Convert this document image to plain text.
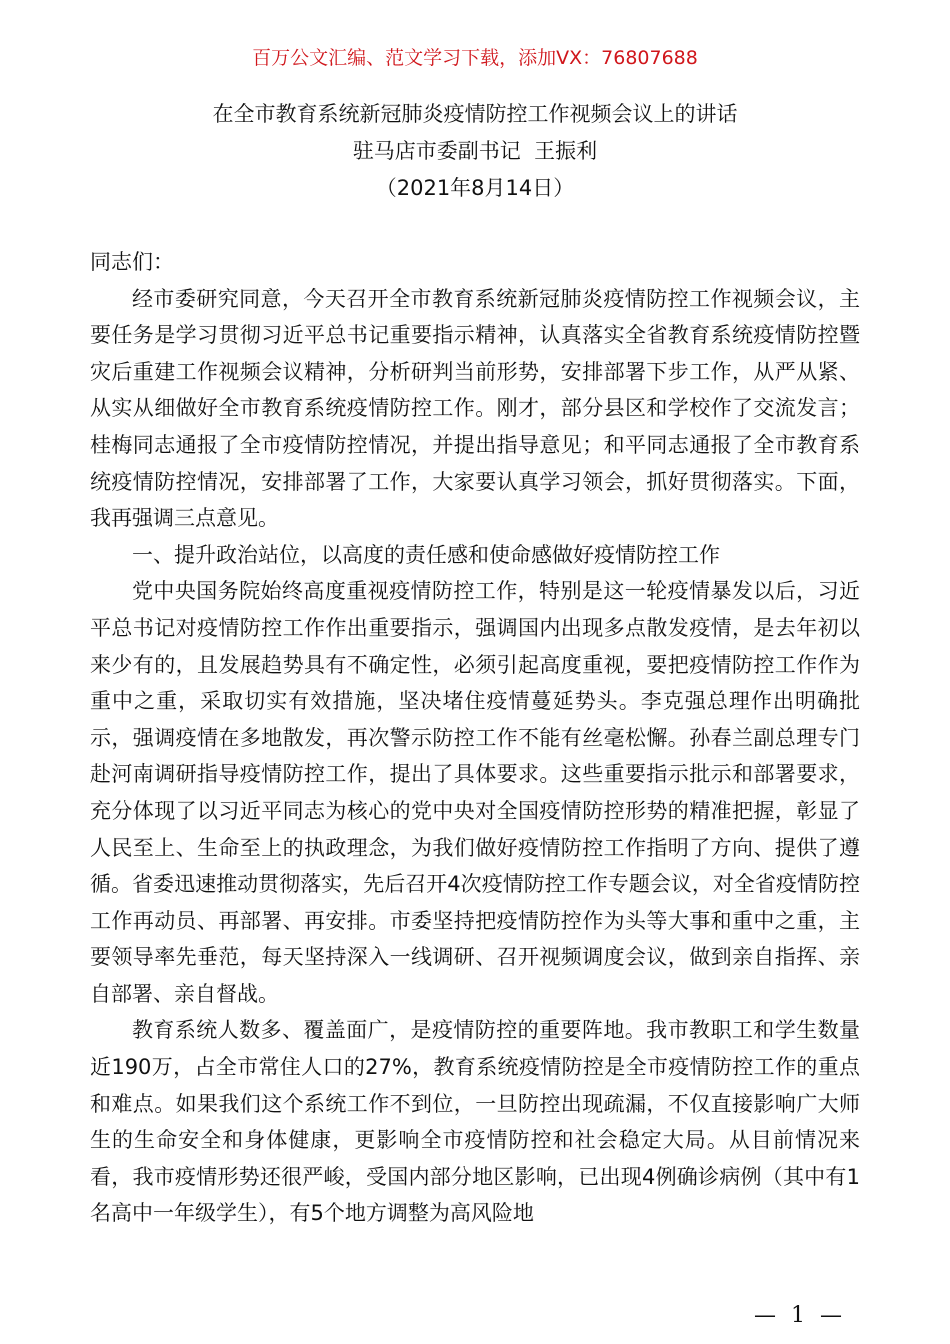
百万公文汇编、范文学习下载，添加VX：76807688
在全市教育系统新冠肺炎疫情防控工作视频会议上的讲话
驻马店市委副书记  王振利
（2021年8月14日）

同志们：

经市委研究同意，今天召开全市教育系统新冠肺炎疫情防控工作视频会议，主要任务是学习贯彻习近平总书记重要指示精神，认真落实全省教育系统疫情防控暨灾后重建工作视频会议精神，分析研判当前形势，安排部署下步工作，从严从紧、从实从细做好全市教育系统疫情防控工作。刚才，部分县区和学校作了交流发言；桂梅同志通报了全市疫情防控情况，并提出指导意见；和平同志通报了全市教育系统疫情防控情况，安排部署了工作，大家要认真学习领会，抓好贯彻落实。下面，我再强调三点意见。

一、提升政治站位，以高度的责任感和使命感做好疫情防控工作

党中央国务院始终高度重视疫情防控工作，特别是这一轮疫情暴发以后，习近平总书记对疫情防控工作作出重要指示，强调国内出现多点散发疫情，是去年初以来少有的，且发展趋势具有不确定性，必须引起高度重视，要把疫情防控工作作为重中之重，采取切实有效措施，坚决堵住疫情蔓延势头。李克强总理作出明确批示，强调疫情在多地散发，再次警示防控工作不能有丝毫松懈。孙春兰副总理专门赴河南调研指导疫情防控工作，提出了具体要求。这些重要指示批示和部署要求，充分体现了以习近平同志为核心的党中央对全国疫情防控形势的精准把握，彰显了人民至上、生命至上的执政理念，为我们做好疫情防控工作指明了方向、提供了遵循。省委迅速推动贯彻落实，先后召开4次疫情防控工作专题会议，对全省疫情防控工作再动员、再部署、再安排。市委坚持把疫情防控作为头等大事和重中之重，主要领导率先垂范，每天坚持深入一线调研、召开视频调度会议，做到亲自指挥、亲自部署、亲自督战。

教育系统人数多、覆盖面广，是疫情防控的重要阵地。我市教职工和学生数量近190万，占全市常住人口的27%，教育系统疫情防控是全市疫情防控工作的重点和难点。如果我们这个系统工作不到位，一旦防控出现疏漏，不仅直接影响广大师生的生命安全和身体健康，更影响全市疫情防控和社会稳定大局。从目前情况来看，我市疫情形势还很严峻，受国内部分地区影响，已出现4例确诊病例（其中有1名高中一年级学生），有5个地方调整为高风险地

— 1 —
